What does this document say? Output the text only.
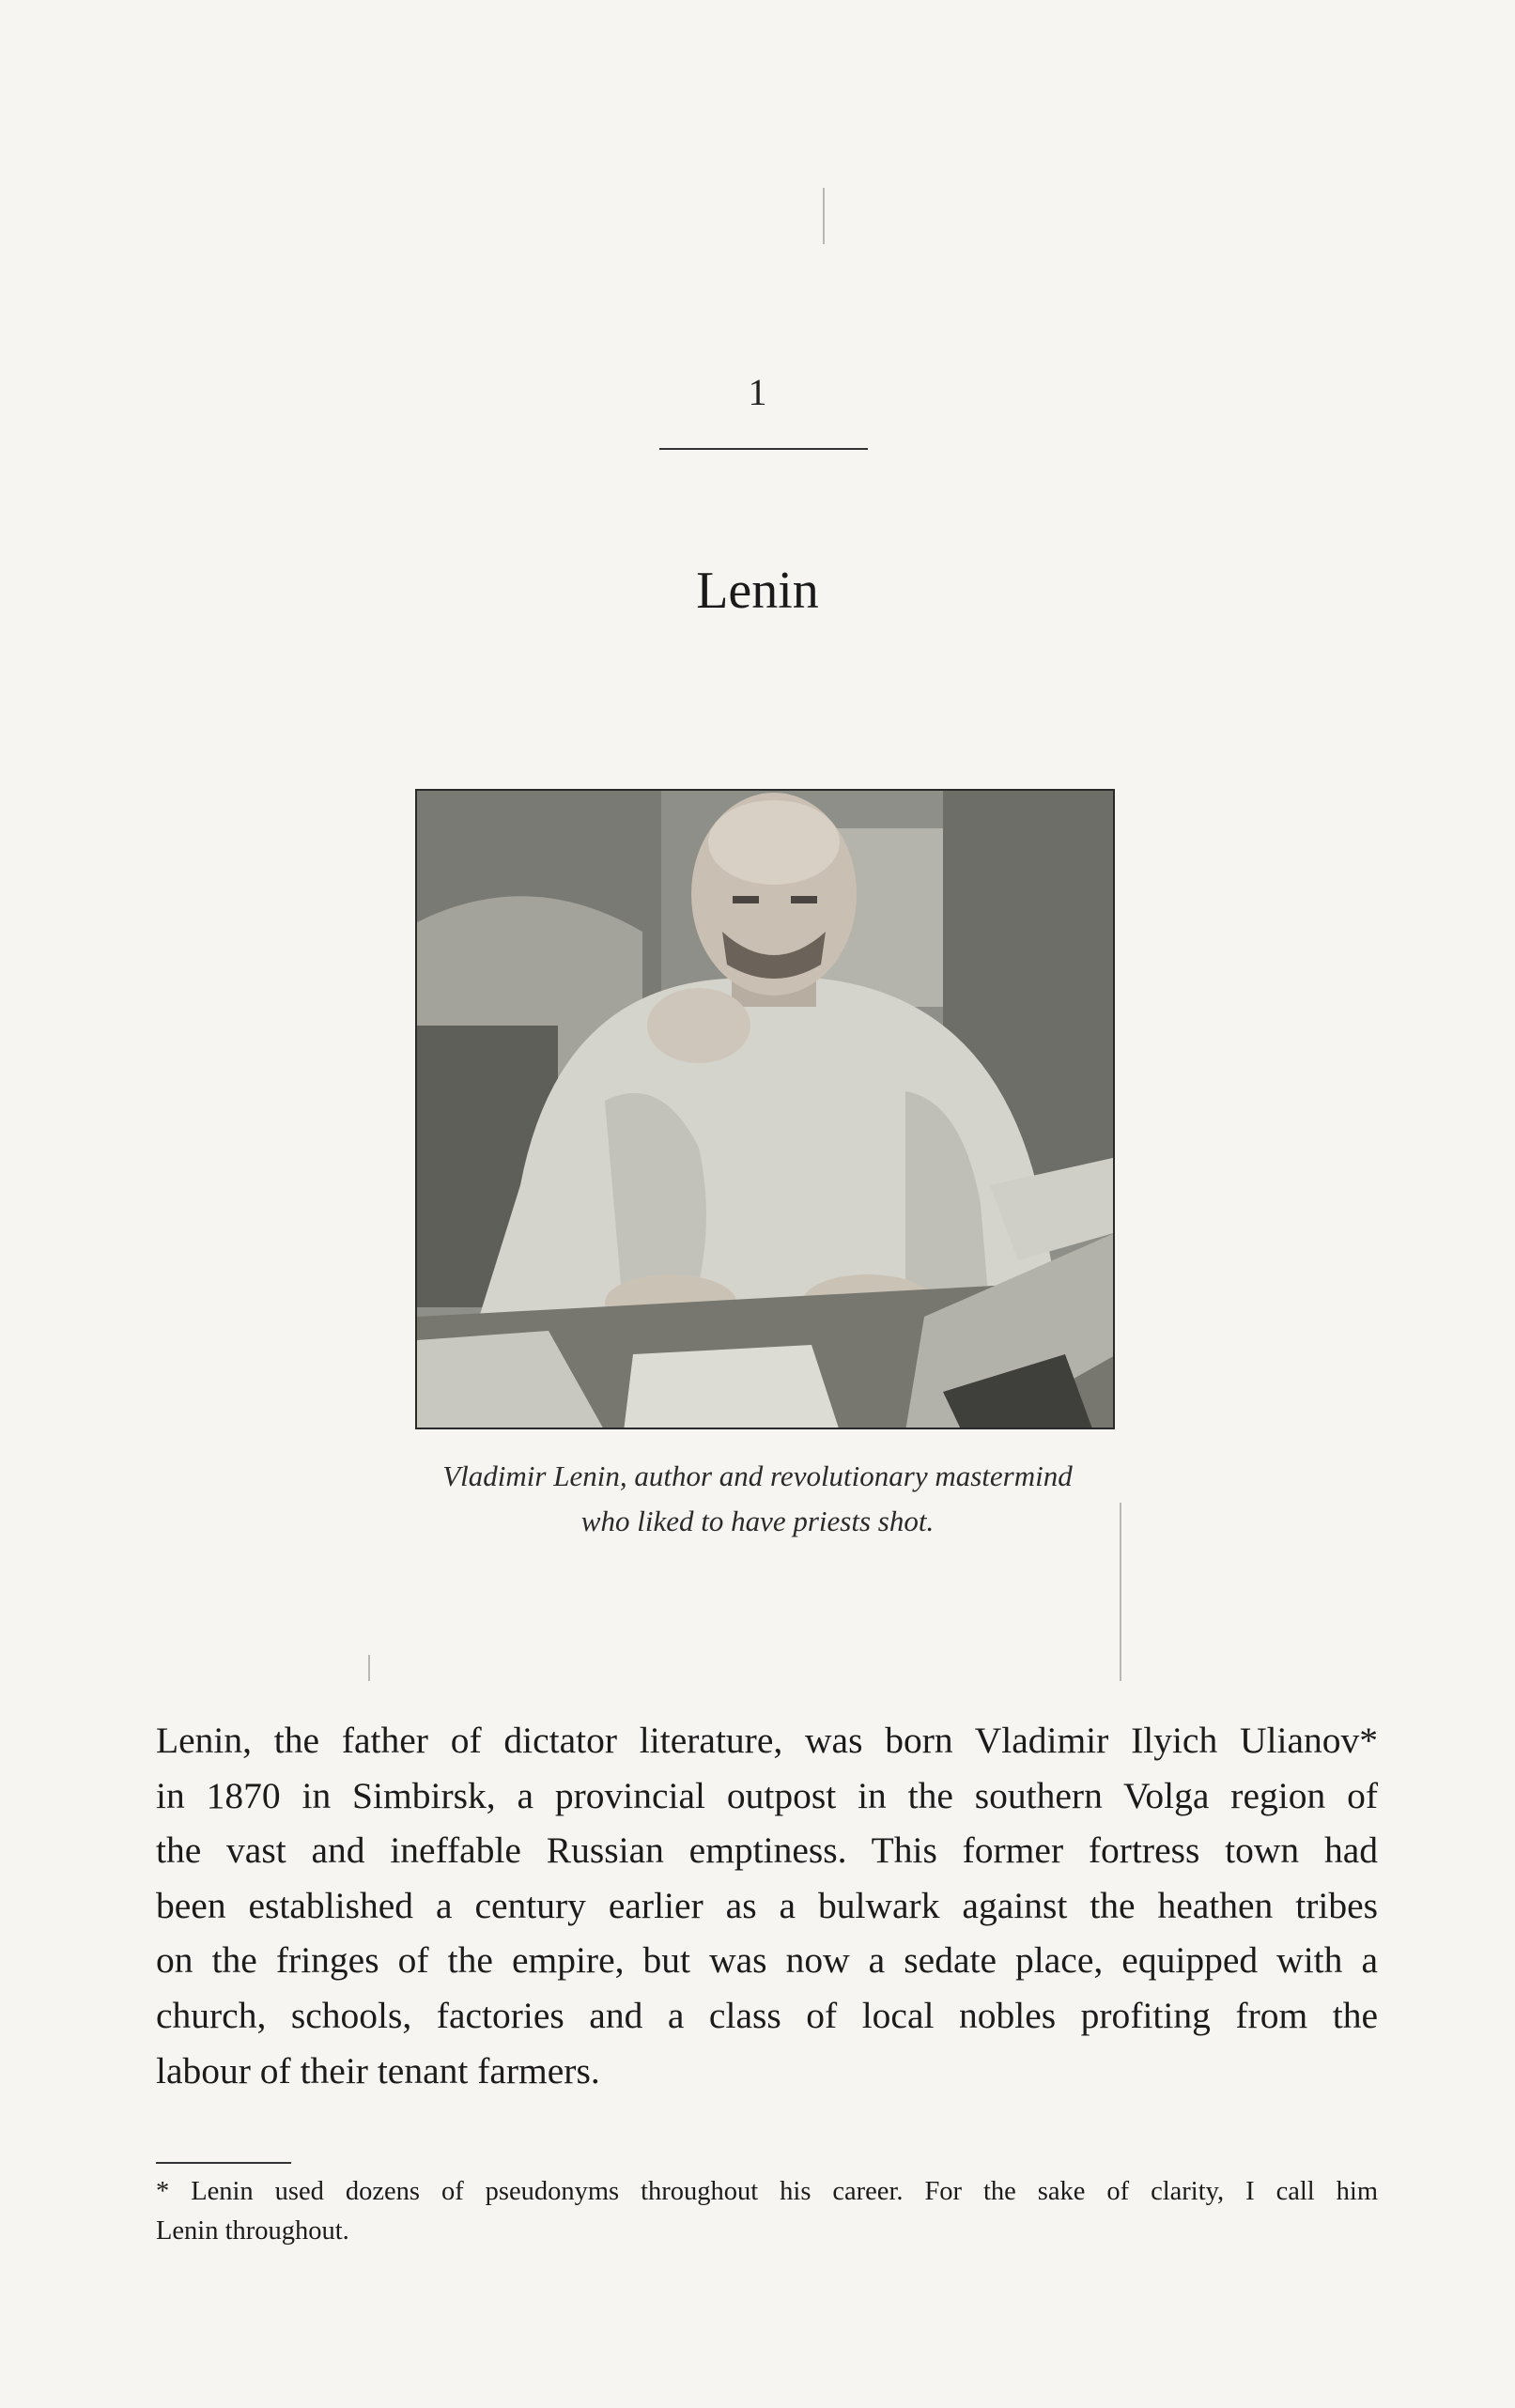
1
Lenin
Vladimir Lenin, author and revolutionary mastermind
who liked to have priests shot.
Lenin, the father of dictator literature, was born Vladimir Ilyich Ulianov*
in 1870 in Simbirsk, a provincial outpost in the southern Volga region of
the vast and ineffable Russian emptiness. This former fortress town had
been established a century earlier as a bulwark against the heathen tribes
on the fringes of the empire, but was now a sedate place, equipped with a
church, schools, factories and a class of local nobles profiting from the
labour of their tenant farmers.
* Lenin used dozens of pseudonyms throughout his career. For the sake of clarity, I call him
Lenin throughout.
